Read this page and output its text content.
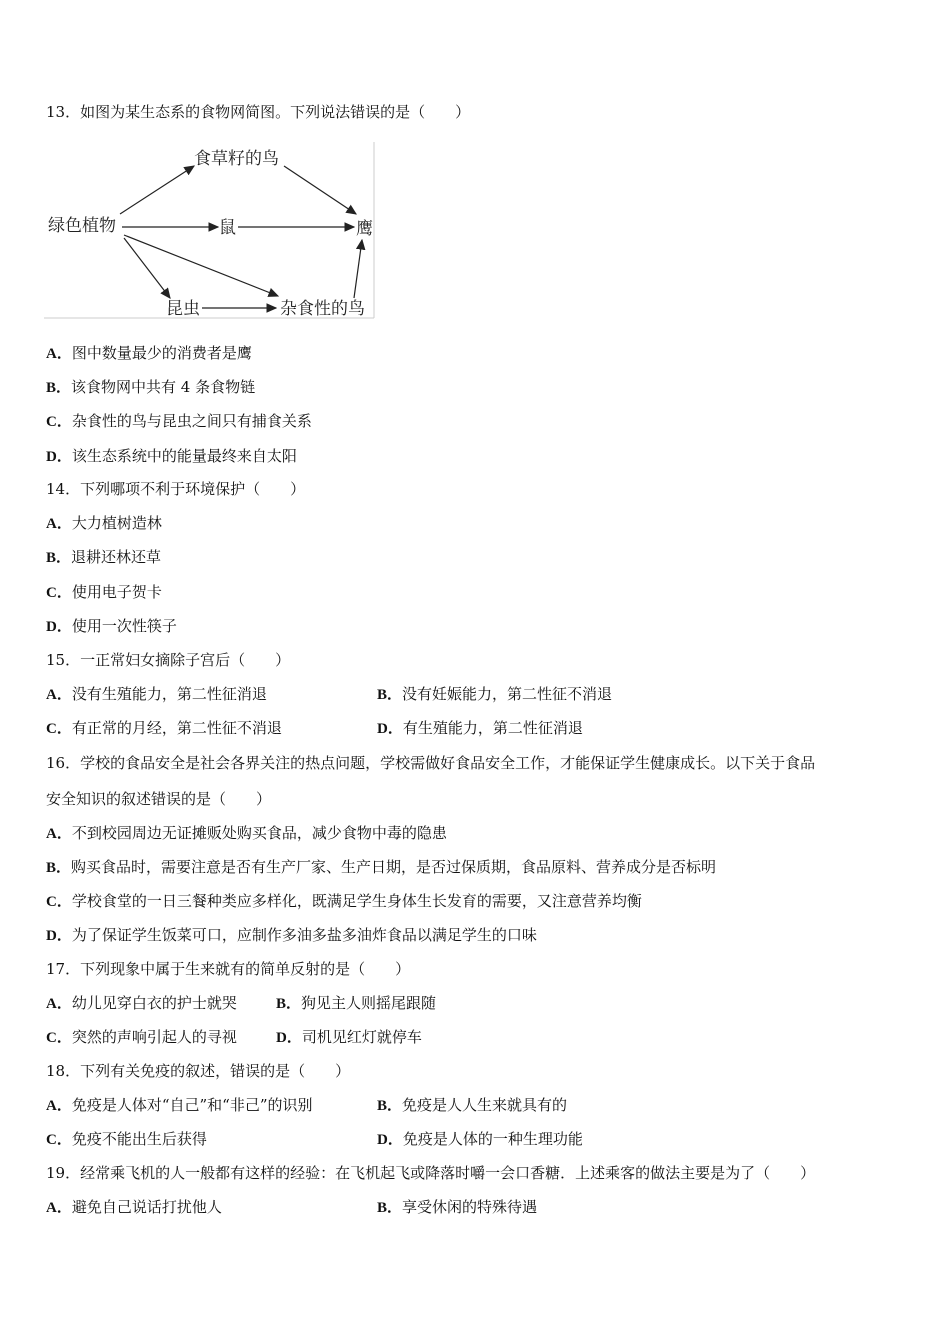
13．如图为某生态系的食物网简图。下列说法错误的是（　　）
食草籽的鸟
绿色植物	鼠	鹰
昆虫	杂食性的鸟
A．图中数量最少的消费者是鹰
B．该食物网中共有 4 条食物链
C．杂食性的鸟与昆虫之间只有捕食关系
D．该生态系统中的能量最终来自太阳
14．下列哪项不利于环境保护（　　）
A．大力植树造林
B．退耕还林还草
C．使用电子贺卡
D．使用一次性筷子
15．一正常妇女摘除子宫后（　　）
A．没有生殖能力，第二性征消退	B．没有妊娠能力，第二性征不消退
C．有正常的月经，第二性征不消退	D．有生殖能力，第二性征消退
16．学校的食品安全是社会各界关注的热点问题，学校需做好食品安全工作，才能保证学生健康成长。以下关于食品
安全知识的叙述错误的是（　　）
A．不到校园周边无证摊贩处购买食品，减少食物中毒的隐患
B．购买食品时，需要注意是否有生产厂家、生产日期，是否过保质期，食品原料、营养成分是否标明
C．学校食堂的一日三餐种类应多样化，既满足学生身体生长发育的需要，又注意营养均衡
D．为了保证学生饭菜可口，应制作多油多盐多油炸食品以满足学生的口味
17．下列现象中属于生来就有的简单反射的是（　　）
A．幼儿见穿白衣的护士就哭	B．狗见主人则摇尾跟随
C．突然的声响引起人的寻视	D．司机见红灯就停车
18．下列有关免疫的叙述，错误的是（　　）
A．免疫是人体对“自己”和“非己”的识别	B．免疫是人人生来就具有的
C．免疫不能出生后获得	D．免疫是人体的一种生理功能
19．经常乘飞机的人一般都有这样的经验：在飞机起飞或降落时嚼一会口香糖．上述乘客的做法主要是为了（　　）
A．避免自己说话打扰他人	B．享受休闲的特殊待遇
